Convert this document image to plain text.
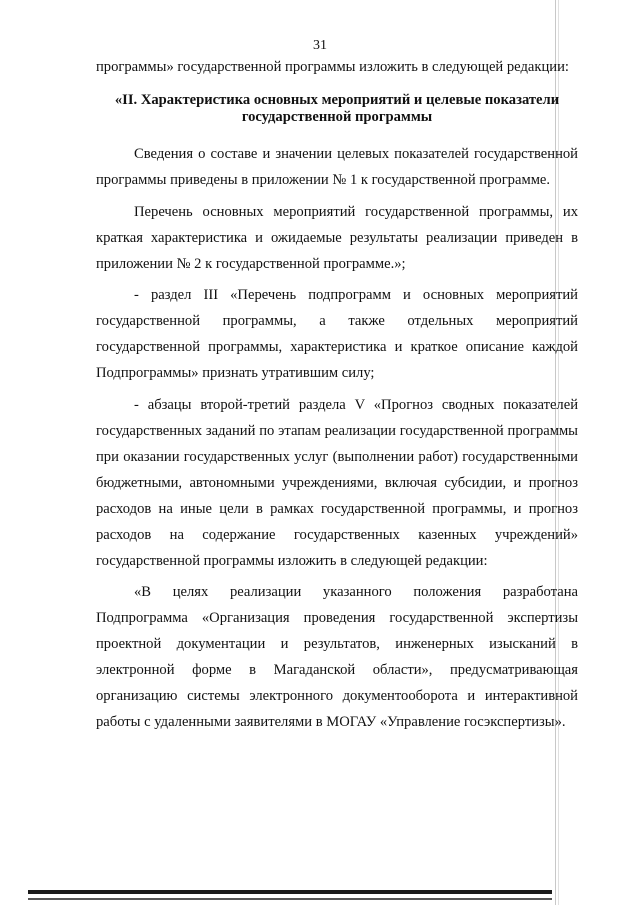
31

программы» государственной программы изложить в следующей редакции:

«II. Характеристика основных мероприятий и целевые показатели государственной программы

Сведения о составе и значении целевых показателей государственной программы приведены в приложении № 1 к государственной программе.

Перечень основных мероприятий государственной программы, их краткая характеристика и ожидаемые результаты реализации приведен в приложении № 2 к государственной программе.»;

- раздел III «Перечень подпрограмм и основных мероприятий государственной программы, а также отдельных мероприятий государственной программы, характеристика и краткое описание каждой Подпрограммы» признать утратившим силу;

- абзацы второй-третий раздела V «Прогноз сводных показателей государственных заданий по этапам реализации государственной программы при оказании государственных услуг (выполнении работ) государственными бюджетными, автономными учреждениями, включая субсидии, и прогноз расходов на иные цели в рамках государственной программы, и прогноз расходов на содержание государственных казенных учреждений» государственной программы изложить в следующей редакции:

«В целях реализации указанного положения разработана Подпрограмма «Организация проведения государственной экспертизы проектной документации и результатов, инженерных изысканий в электронной форме в Магаданской области», предусматривающая организацию системы электронного документооборота и интерактивной работы с удаленными заявителями в МОГАУ «Управление госэкспертизы».
